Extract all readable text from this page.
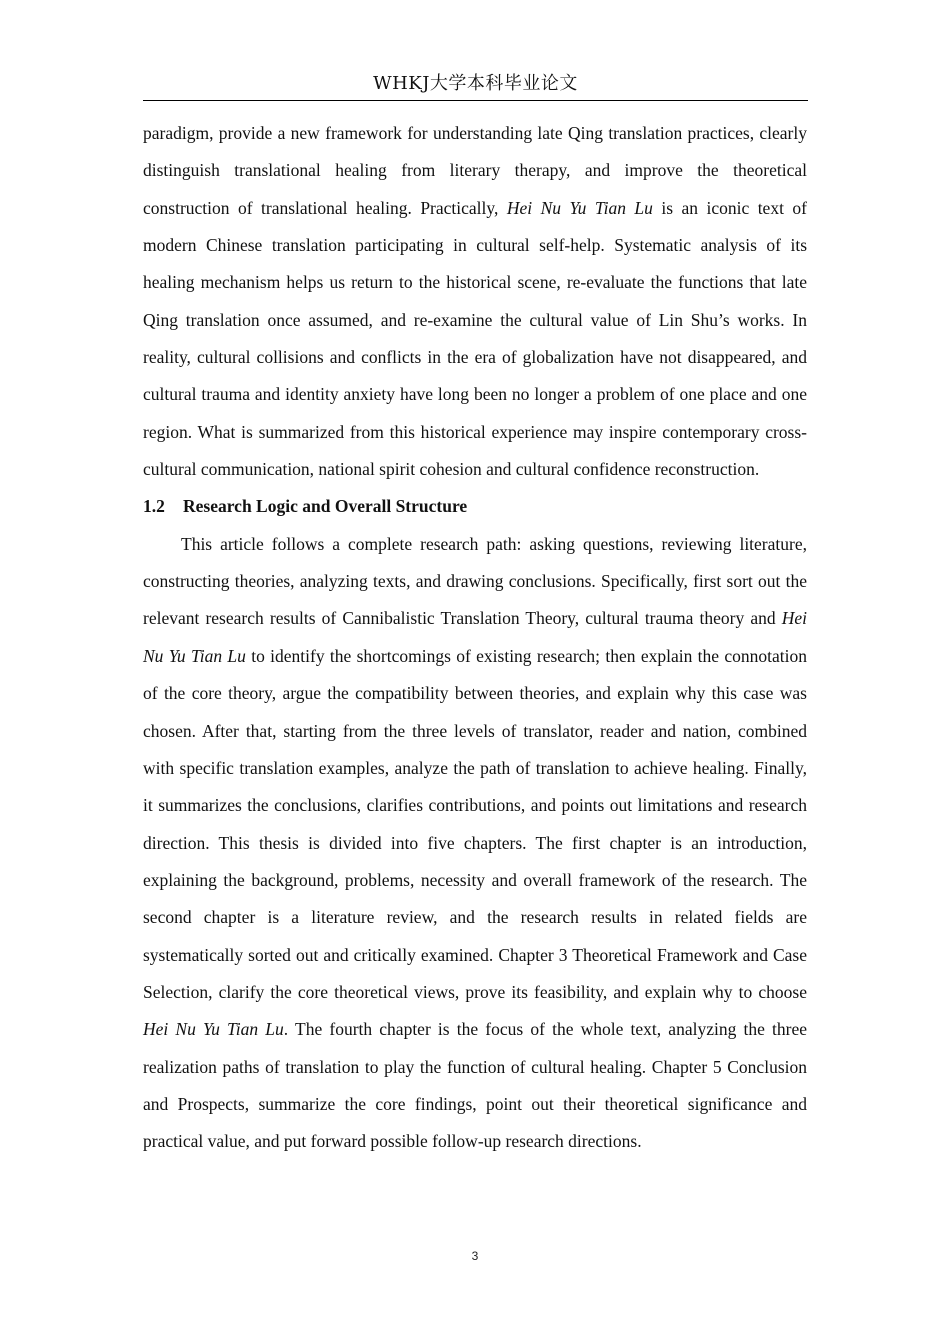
WHKJ大学本科毕业论文

paradigm, provide a new framework for understanding late Qing translation practices, clearly distinguish translational healing from literary therapy, and improve the theoretical construction of translational healing. Practically, Hei Nu Yu Tian Lu is an iconic text of modern Chinese translation participating in cultural self-help. Systematic analysis of its healing mechanism helps us return to the historical scene, re-evaluate the functions that late Qing translation once assumed, and re-examine the cultural value of Lin Shu’s works. In reality, cultural collisions and conflicts in the era of globalization have not disappeared, and cultural trauma and identity anxiety have long been no longer a problem of one place and one region. What is summarized from this historical experience may inspire contemporary cross-cultural communication, national spirit cohesion and cultural confidence reconstruction.

1.2 Research Logic and Overall Structure

This article follows a complete research path: asking questions, reviewing literature, constructing theories, analyzing texts, and drawing conclusions. Specifically, first sort out the relevant research results of Cannibalistic Translation Theory, cultural trauma theory and Hei Nu Yu Tian Lu to identify the shortcomings of existing research; then explain the connotation of the core theory, argue the compatibility between theories, and explain why this case was chosen. After that, starting from the three levels of translator, reader and nation, combined with specific translation examples, analyze the path of translation to achieve healing. Finally, it summarizes the conclusions, clarifies contributions, and points out limitations and research direction. This thesis is divided into five chapters. The first chapter is an introduction, explaining the background, problems, necessity and overall framework of the research. The second chapter is a literature review, and the research results in related fields are systematically sorted out and critically examined. Chapter 3 Theoretical Framework and Case Selection, clarify the core theoretical views, prove its feasibility, and explain why to choose Hei Nu Yu Tian Lu. The fourth chapter is the focus of the whole text, analyzing the three realization paths of translation to play the function of cultural healing. Chapter 5 Conclusion and Prospects, summarize the core findings, point out their theoretical significance and practical value, and put forward possible follow-up research directions.

3
